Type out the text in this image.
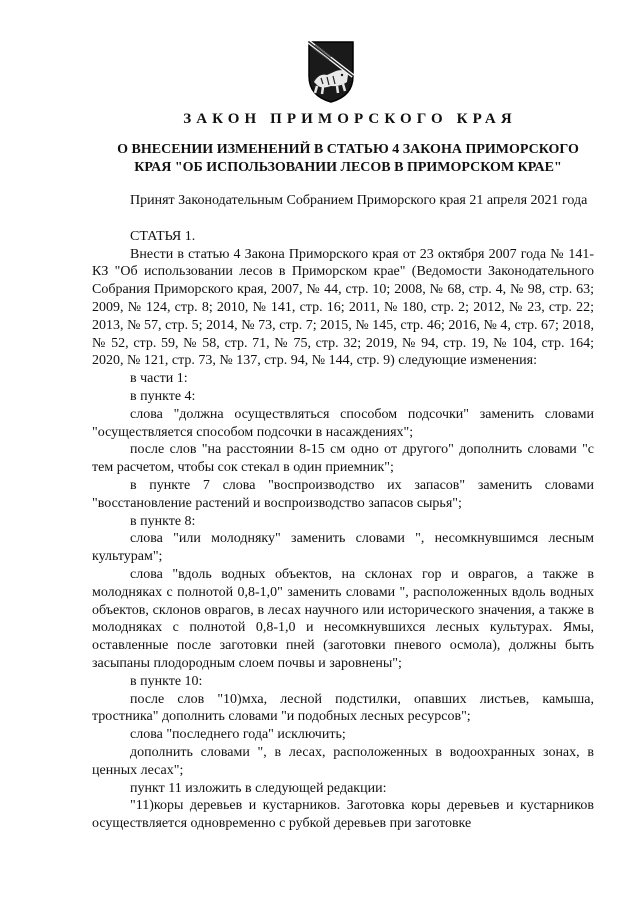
ЗАКОН ПРИМОРСКОГО КРАЯ
О ВНЕСЕНИИ ИЗМЕНЕНИЙ В СТАТЬЮ 4 ЗАКОНА ПРИМОРСКОГО
КРАЯ "ОБ ИСПОЛЬЗОВАНИИ ЛЕСОВ В ПРИМОРСКОМ КРАЕ"

Принят Законодательным Собранием Приморского края 21 апреля 2021 года

СТАТЬЯ 1.

Внести в статью 4 Закона Приморского края от 23 октября 2007 года № 141-КЗ "Об использовании лесов в Приморском крае" (Ведомости Законодательного Собрания Приморского края, 2007, № 44, стр. 10; 2008, № 68, стр. 4, № 98, стр. 63; 2009, № 124, стр. 8; 2010, № 141, стр. 16; 2011, № 180, стр. 2; 2012, № 23, стр. 22; 2013, № 57, стр. 5; 2014, № 73, стр. 7; 2015, № 145, стр. 46; 2016, № 4, стр. 67; 2018, № 52, стр. 59, № 58, стр. 71, № 75, стр. 32; 2019, № 94, стр. 19, № 104, стр. 164; 2020, № 121, стр. 73, № 137, стр. 94, № 144, стр. 9) следующие изменения:

в части 1:

в пункте 4:

слова "должна осуществляться способом подсочки" заменить словами "осуществляется способом подсочки в насаждениях";

после слов "на расстоянии 8-15 см одно от другого" дополнить словами "с тем расчетом, чтобы сок стекал в один приемник";

в пункте 7 слова "воспроизводство их запасов" заменить словами "восстановление растений и воспроизводство запасов сырья";

в пункте 8:

слова "или молодняку" заменить словами ", несомкнувшимся лесным культурам";

слова "вдоль водных объектов, на склонах гор и оврагов, а также в молодняках с полнотой 0,8-1,0" заменить словами ", расположенных вдоль водных объектов, склонов оврагов, в лесах научного или исторического значения, а также в молодняках с полнотой 0,8-1,0 и несомкнувшихся лесных культурах. Ямы, оставленные после заготовки пней (заготовки пневого осмола), должны быть засыпаны плодородным слоем почвы и заровнены";

в пункте 10:

после слов "10)мха, лесной подстилки, опавших листьев, камыша, тростника" дополнить словами "и подобных лесных ресурсов";

слова "последнего года" исключить;

дополнить словами ", в лесах, расположенных в водоохранных зонах, в ценных лесах";

пункт 11 изложить в следующей редакции:

"11)коры деревьев и кустарников. Заготовка коры деревьев и кустарников осуществляется одновременно с рубкой деревьев при заготовке
